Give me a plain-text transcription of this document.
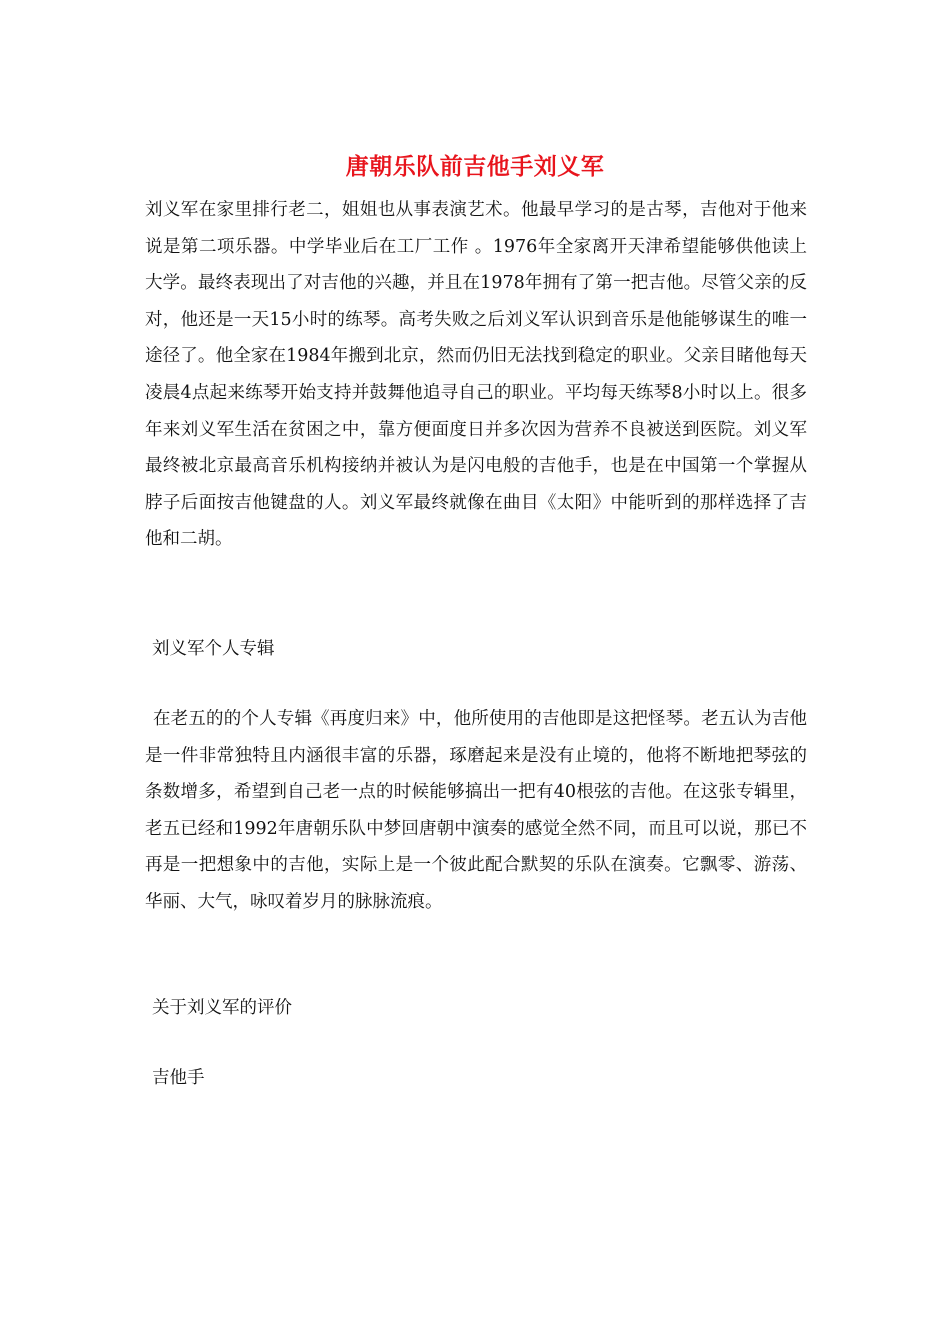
唐朝乐队前吉他手刘义军
刘义军在家里排行老二，姐姐也从事表演艺术。他最早学习的是古琴，吉他对于他来说是第二项乐器。中学毕业后在工厂工作 。1976年全家离开天津希望能够供他读上大学。最终表现出了对吉他的兴趣，并且在1978年拥有了第一把吉他。尽管父亲的反对，他还是一天15小时的练琴。高考失败之后刘义军认识到音乐是他能够谋生的唯一途径了。他全家在1984年搬到北京，然而仍旧无法找到稳定的职业。父亲目睹他每天凌晨4点起来练琴开始支持并鼓舞他追寻自己的职业。平均每天练琴8小时以上。很多年来刘义军生活在贫困之中，靠方便面度日并多次因为营养不良被送到医院。刘义军最终被北京最高音乐机构接纳并被认为是闪电般的吉他手，也是在中国第一个掌握从脖子后面按吉他键盘的人。刘义军最终就像在曲目《太阳》中能听到的那样选择了吉他和二胡。
刘义军个人专辑
在老五的的个人专辑《再度归来》中，他所使用的吉他即是这把怪琴。老五认为吉他是一件非常独特且内涵很丰富的乐器，琢磨起来是没有止境的，他将不断地把琴弦的条数增多，希望到自己老一点的时候能够搞出一把有40根弦的吉他。在这张专辑里，老五已经和1992年唐朝乐队中梦回唐朝中演奏的感觉全然不同，而且可以说，那已不再是一把想象中的吉他，实际上是一个彼此配合默契的乐队在演奏。它飘零、游荡、华丽、大气，咏叹着岁月的脉脉流痕。
关于刘义军的评价
吉他手
